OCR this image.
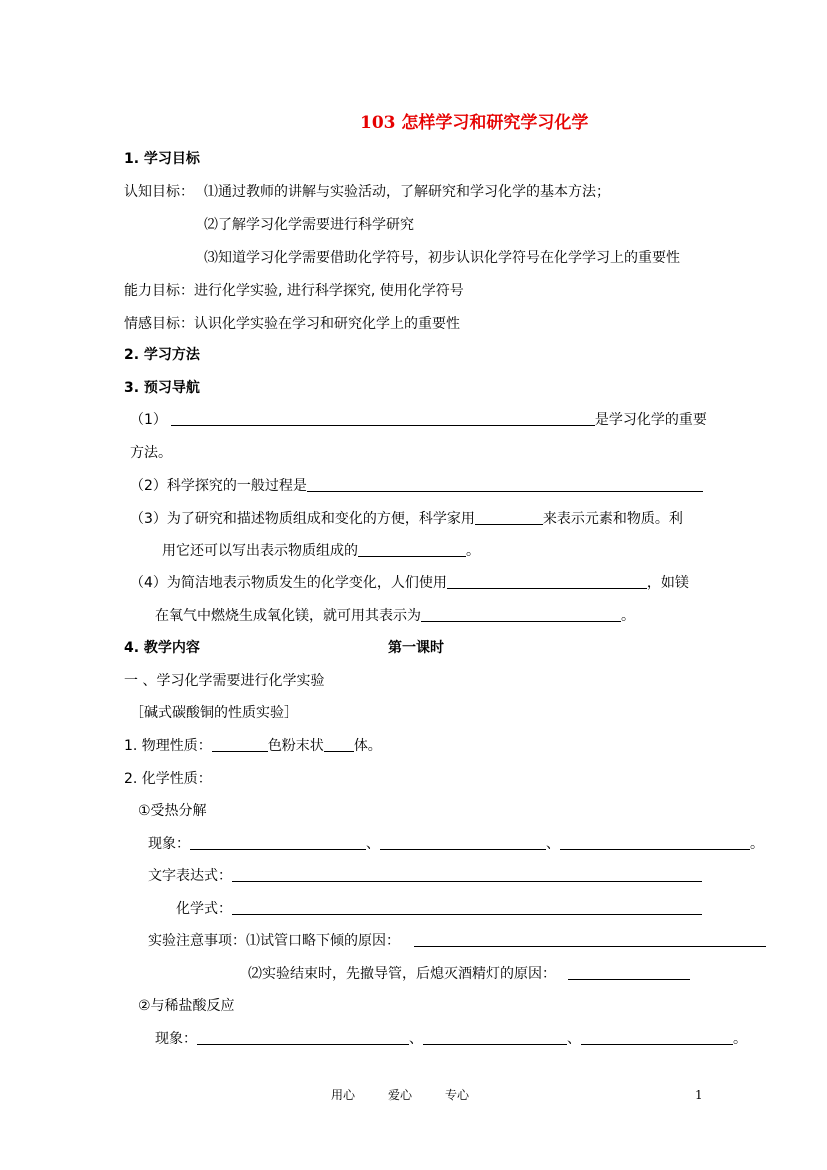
103 怎样学习和研究学习化学
1. 学习目标
认知目标： ⑴通过教师的讲解与实验活动，了解研究和学习化学的基本方法；
⑵了解学习化学需要进行科学研究
⑶知道学习化学需要借助化学符号，初步认识化学符号在化学学习上的重要性
能力目标：进行化学实验, 进行科学探究, 使用化学符号
情感目标：认识化学实验在学习和研究化学上的重要性
2. 学习方法
3. 预习导航
（1）	是学习化学的重要
方法。
（2）科学探究的一般过程是
（3）为了研究和描述物质组成和变化的方便，科学家用	来表示元素和物质。利
用它还可以写出表示物质组成的	。
（4）为简洁地表示物质发生的化学变化，人们使用	，如镁
在氧气中燃烧生成氧化镁，就可用其表示为	。
4. 教学内容	第一课时
一 、学习化学需要进行化学实验
［碱式碳酸铜的性质实验］
1. 物理性质：	色粉末状 体。
2. 化学性质：
①受热分解
现象：	、	、	。
文字表达式：
化学式：
实验注意事项：⑴试管口略下倾的原因：
⑵实验结束时，先撤导管，后熄灭酒精灯的原因：
②与稀盐酸反应
现象：	、	、	。
用心	爱心	专心	1
